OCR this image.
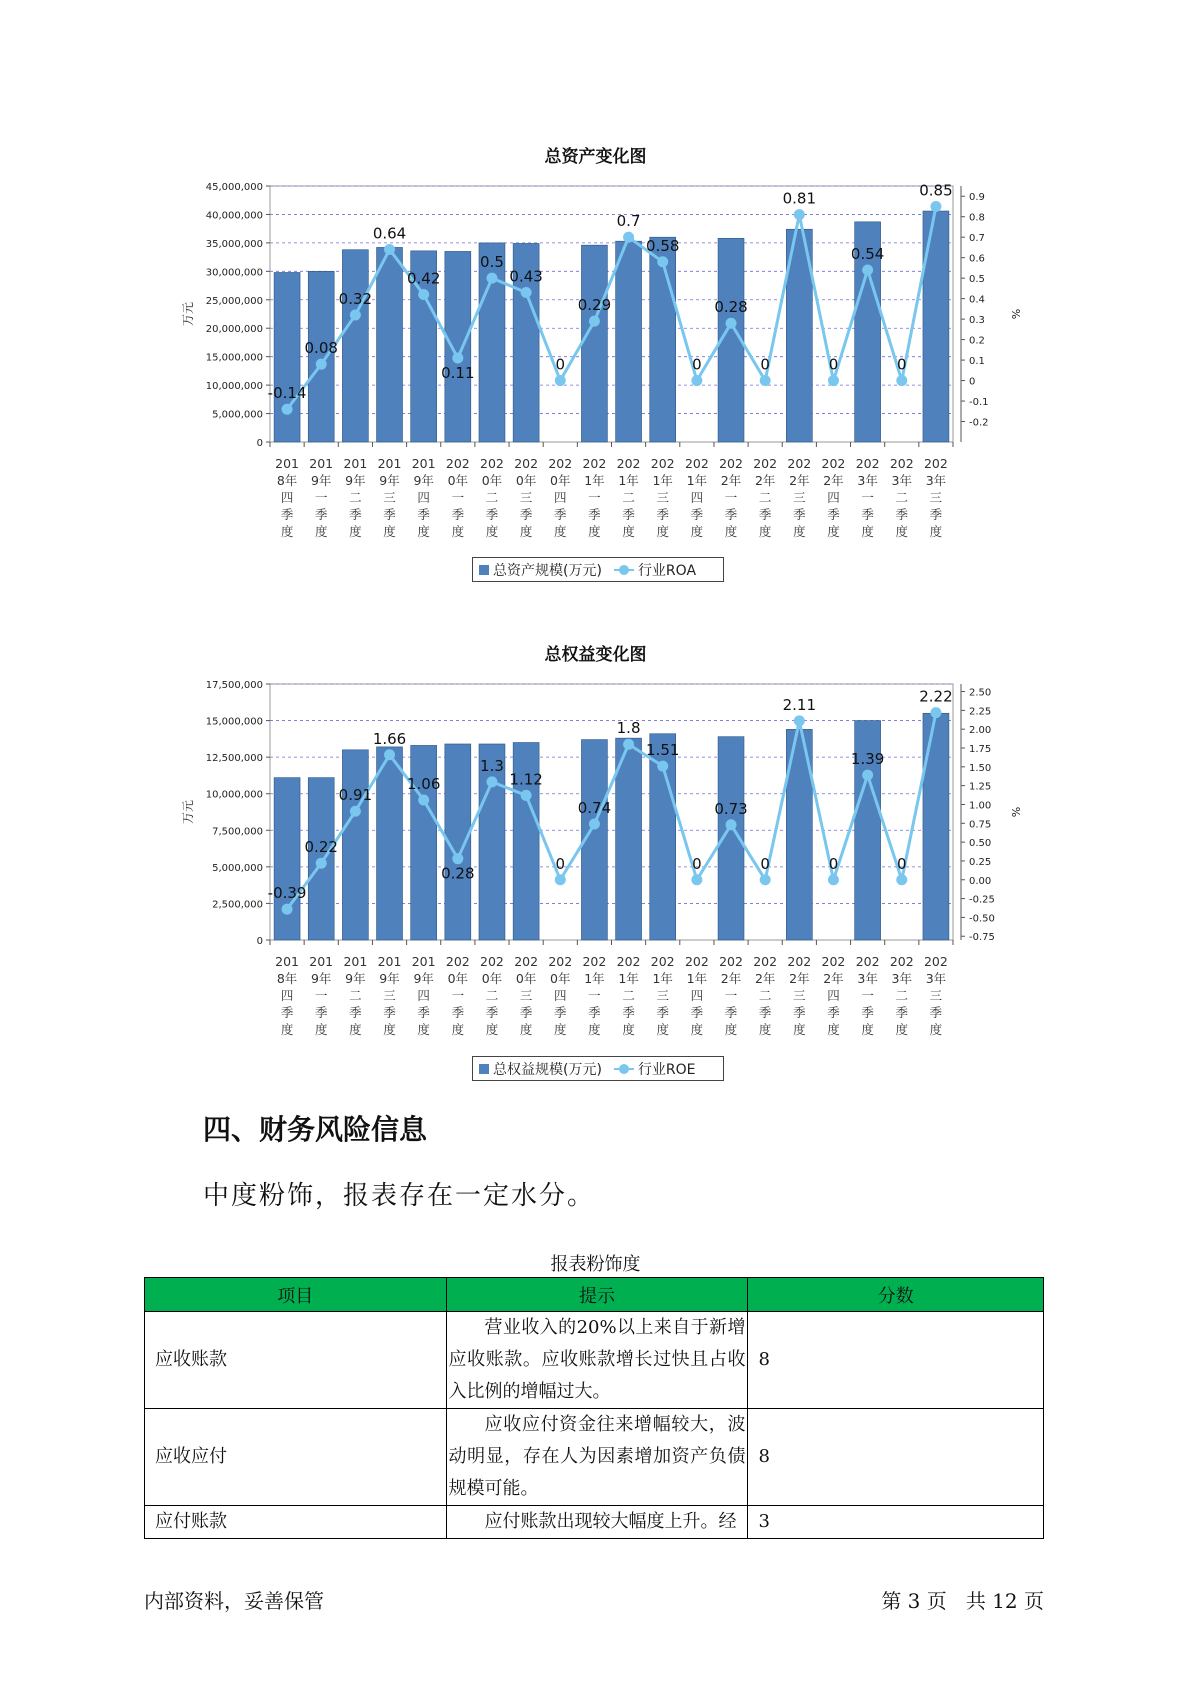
总资产变化图
0
5,000,000
10,000,000
15,000,000
20,000,000
25,000,000
30,000,000
35,000,000
40,000,000
45,000,000
-0.2
-0.1
0
0.1
0.2
0.3
0.4
0.5
0.6
0.7
0.8
0.9
万元	%
201 8年四季度
201 9年一季度
201 9年二季度
201 9年三季度
201 9年四季度
202 0年一季度
202 0年二季度
202 0年三季度
202 0年四季度
202 1年一季度
202 1年二季度
202 1年三季度
202 1年四季度
202 2年一季度
202 2年二季度
202 2年三季度
202 2年四季度
202 3年一季度
202 3年二季度
202 3年三季度
-0.14
0.08
0.32
0.64
0.42
0.11
0.5
0.43
0
0.29
0.7
0.58
0
0.28
0
0.81
0
0.54
0
0.85
总资产规模(万元)	行业ROA
总权益变化图
0
2,500,000
5,000,000
7,500,000
10,000,000
12,500,000
15,000,000
17,500,000
-0.75
-0.50
-0.25
0.00
0.25
0.50
0.75
1.00
1.25
1.50
1.75
2.00
2.25
2.50
万元	%
201 8年四季度
201 9年一季度
201 9年二季度
201 9年三季度
201 9年四季度
202 0年一季度
202 0年二季度
202 0年三季度
202 0年四季度
202 1年一季度
202 1年二季度
202 1年三季度
202 1年四季度
202 2年一季度
202 2年二季度
202 2年三季度
202 2年四季度
202 3年一季度
202 3年二季度
202 3年三季度
-0.39
0.22
0.91
1.66
1.06
0.28
1.3
1.12
0
0.74
1.8
1.51
0
0.73
0
2.11
0
1.39
0
2.22
总权益规模(万元)	行业ROE
四、财务风险信息
中度粉饰，报表存在一定水分。
报表粉饰度
项目	提示	分数
应收账款	营业收入的20%以上来自于新增应收账款。应收账款增长过快且占收入比例的增幅过大。	8
应收应付	应收应付资金往来增幅较大，波动明显，存在人为因素增加资产负债规模可能。	8
应付账款	应付账款出现较大幅度上升。经	3
内部资料，妥善保管	第 3 页   共 12 页
